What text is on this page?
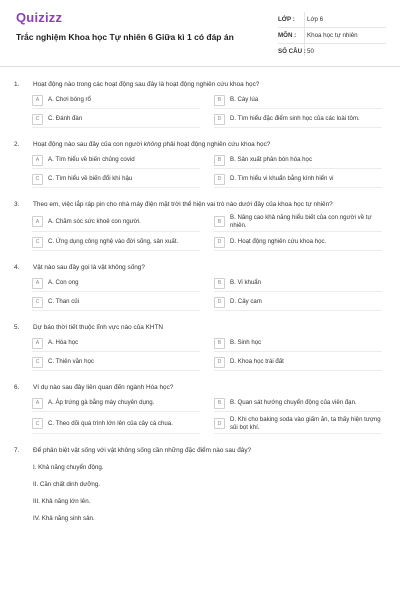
Quizizz
Trắc nghiệm Khoa học Tự nhiên 6 Giữa kì 1 có đáp án
LỚP :	Lớp 6
MÔN :	Khoa học tự nhiên
SỐ CÂU : 50
1.	Hoạt động nào trong các hoạt động sau đây là hoạt động nghiên cứu khoa học?
A	A. Chơi bóng rổ	B	B. Cày lúa
C	C. Đánh đàn	D	D. Tìm hiểu đặc điểm sinh học của các loài tôm.
2.	Hoạt động nào sau đây của con người không phải hoạt động nghiên cứu khoa học?
A	A. Tìm hiểu về biến chủng covid	B	B. Sản xuất phân bón hóa học
C	C. Tìm hiểu về biến đổi khí hậu	D	D. Tìm hiểu vi khuẩn bằng kính hiển vi
3.	Theo em, việc lắp ráp pin cho nhà máy điện mặt trời thể hiện vai trò nào dưới đây của khoa học tự nhiên?
A	A. Chăm sóc sức khoẻ con người.	B
B. Nâng cao khả năng hiểu biết của con người về tự nhiên.
C	C. Ứng dụng công nghệ vào đời sống, sản xuất.	D	D. Hoạt động nghiên cứu khoa học.
4.	Vật nào sau đây gọi là vật không sống?
A	A. Con ong	B	B. Vi khuẩn
C	C. Than củi	D	D. Cây cam
5.	Dự báo thời tiết thuộc lĩnh vực nào của KHTN
A	A. Hóa học	B	B. Sinh học
C	C. Thiên văn học	D	D. Khoa học trái đất
6.	Ví dụ nào sau đây liên quan đến ngành Hóa học?
A	A. Áp trứng gà bằng máy chuyên dụng.	B	B. Quan sát hướng chuyển động của viên đạn.
C	C. Theo dõi quá trình lớn lên của cây cà chua.	D
D. Khi cho baking soda vào giấm ăn, ta thấy hiện tượng sủi bọt khí.
7.	Để phân biệt vật sống với vật không sống cần những đặc điểm nào sau đây?
I. Khả năng chuyển động.
II. Cần chất dinh dưỡng.
III. Khả năng lớn lên.
IV. Khả năng sinh sản.
